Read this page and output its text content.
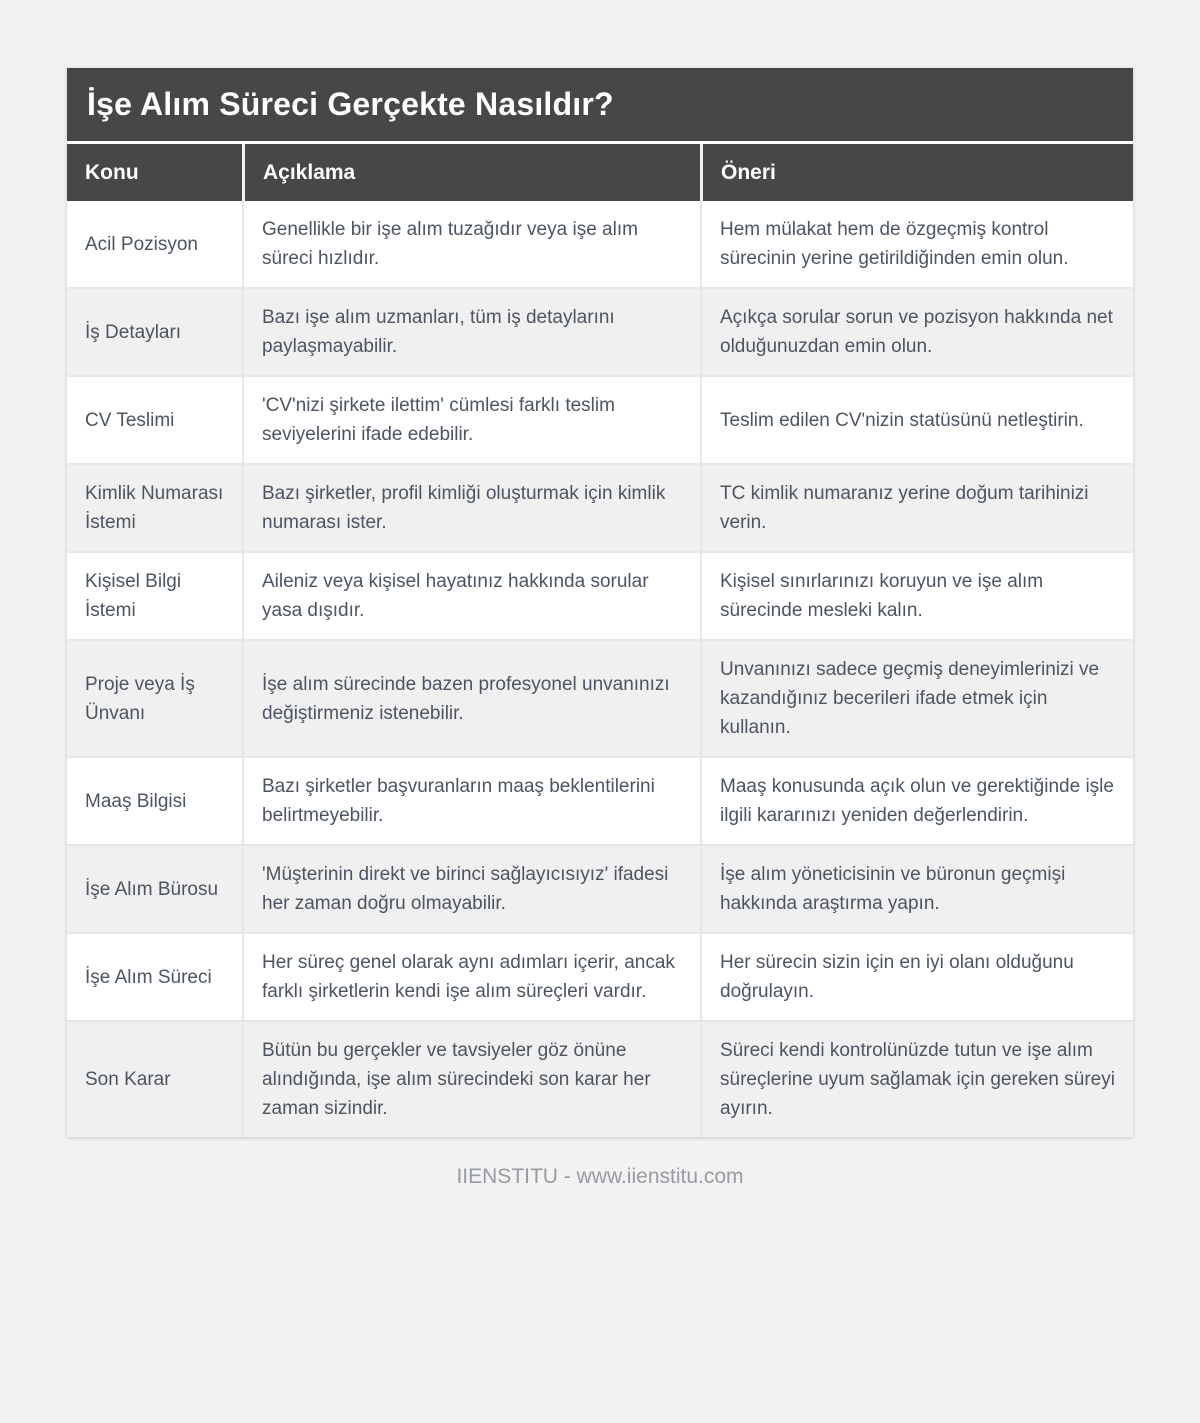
İşe Alım Süreci Gerçekte Nasıldır?
Konu	Açıklama	Öneri
Acil Pozisyon	Genellikle bir işe alım tuzağıdır veya işe alım süreci hızlıdır.	Hem mülakat hem de özgeçmiş kontrol sürecinin yerine getirildiğinden emin olun.
İş Detayları	Bazı işe alım uzmanları, tüm iş detaylarını paylaşmayabilir.	Açıkça sorular sorun ve pozisyon hakkında net olduğunuzdan emin olun.
CV Teslimi	'CV'nizi şirkete ilettim' cümlesi farklı teslim seviyelerini ifade edebilir.	Teslim edilen CV'nizin statüsünü netleştirin.
Kimlik Numarası İstemi	Bazı şirketler, profil kimliği oluşturmak için kimlik numarası ister.	TC kimlik numaranız yerine doğum tarihinizi verin.
Kişisel Bilgi İstemi	Aileniz veya kişisel hayatınız hakkında sorular yasa dışıdır.	Kişisel sınırlarınızı koruyun ve işe alım sürecinde mesleki kalın.
Proje veya İş Ünvanı	İşe alım sürecinde bazen profesyonel unvanınızı değiştirmeniz istenebilir.	Unvanınızı sadece geçmiş deneyimlerinizi ve kazandığınız becerileri ifade etmek için kullanın.
Maaş Bilgisi	Bazı şirketler başvuranların maaş beklentilerini belirtmeyebilir.	Maaş konusunda açık olun ve gerektiğinde işle ilgili kararınızı yeniden değerlendirin.
İşe Alım Bürosu	'Müşterinin direkt ve birinci sağlayıcısıyız' ifadesi her zaman doğru olmayabilir.	İşe alım yöneticisinin ve büronun geçmişi hakkında araştırma yapın.
İşe Alım Süreci	Her süreç genel olarak aynı adımları içerir, ancak farklı şirketlerin kendi işe alım süreçleri vardır.	Her sürecin sizin için en iyi olanı olduğunu doğrulayın.
Son Karar	Bütün bu gerçekler ve tavsiyeler göz önüne alındığında, işe alım sürecindeki son karar her zaman sizindir.	Süreci kendi kontrolünüzde tutun ve işe alım süreçlerine uyum sağlamak için gereken süreyi ayırın.
IIENSTITU - www.iienstitu.com
